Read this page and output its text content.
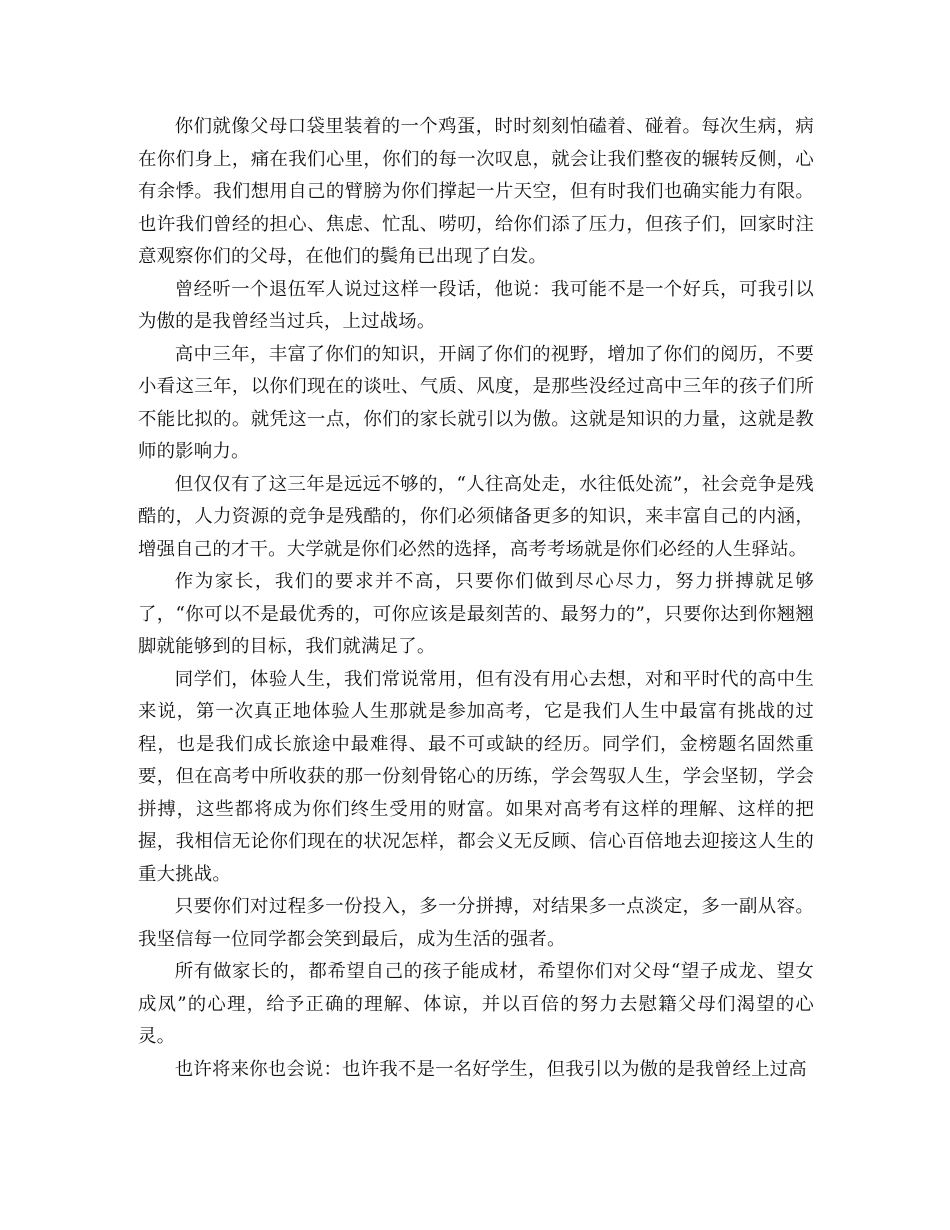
你们就像父母口袋里装着的一个鸡蛋，时时刻刻怕磕着、碰着。每次生病，病在你们身上，痛在我们心里，你们的每一次叹息，就会让我们整夜的辗转反侧，心有余悸。我们想用自己的臂膀为你们撑起一片天空，但有时我们也确实能力有限。也许我们曾经的担心、焦虑、忙乱、唠叨，给你们添了压力，但孩子们，回家时注意观察你们的父母，在他们的鬓角已出现了白发。

曾经听一个退伍军人说过这样一段话，他说：我可能不是一个好兵，可我引以为傲的是我曾经当过兵，上过战场。

高中三年，丰富了你们的知识，开阔了你们的视野，增加了你们的阅历，不要小看这三年，以你们现在的谈吐、气质、风度，是那些没经过高中三年的孩子们所不能比拟的。就凭这一点，你们的家长就引以为傲。这就是知识的力量，这就是教师的影响力。

但仅仅有了这三年是远远不够的，“人往高处走，水往低处流”，社会竞争是残酷的，人力资源的竞争是残酷的，你们必须储备更多的知识，来丰富自己的内涵，增强自己的才干。大学就是你们必然的选择，高考考场就是你们必经的人生驿站。

作为家长，我们的要求并不高，只要你们做到尽心尽力，努力拼搏就足够了，“你可以不是最优秀的，可你应该是最刻苦的、最努力的”，只要你达到你翘翘脚就能够到的目标，我们就满足了。

同学们，体验人生，我们常说常用，但有没有用心去想，对和平时代的高中生来说，第一次真正地体验人生那就是参加高考，它是我们人生中最富有挑战的过程，也是我们成长旅途中最难得、最不可或缺的经历。同学们，金榜题名固然重要，但在高考中所收获的那一份刻骨铭心的历练，学会驾驭人生，学会坚韧，学会拼搏，这些都将成为你们终生受用的财富。如果对高考有这样的理解、这样的把握，我相信无论你们现在的状况怎样，都会义无反顾、信心百倍地去迎接这人生的重大挑战。

只要你们对过程多一份投入，多一分拼搏，对结果多一点淡定，多一副从容。我坚信每一位同学都会笑到最后，成为生活的强者。

所有做家长的，都希望自己的孩子能成材，希望你们对父母“望子成龙、望女成凤”的心理，给予正确的理解、体谅，并以百倍的努力去慰籍父母们渴望的心灵。

也许将来你也会说：也许我不是一名好学生，但我引以为傲的是我曾经上过高
